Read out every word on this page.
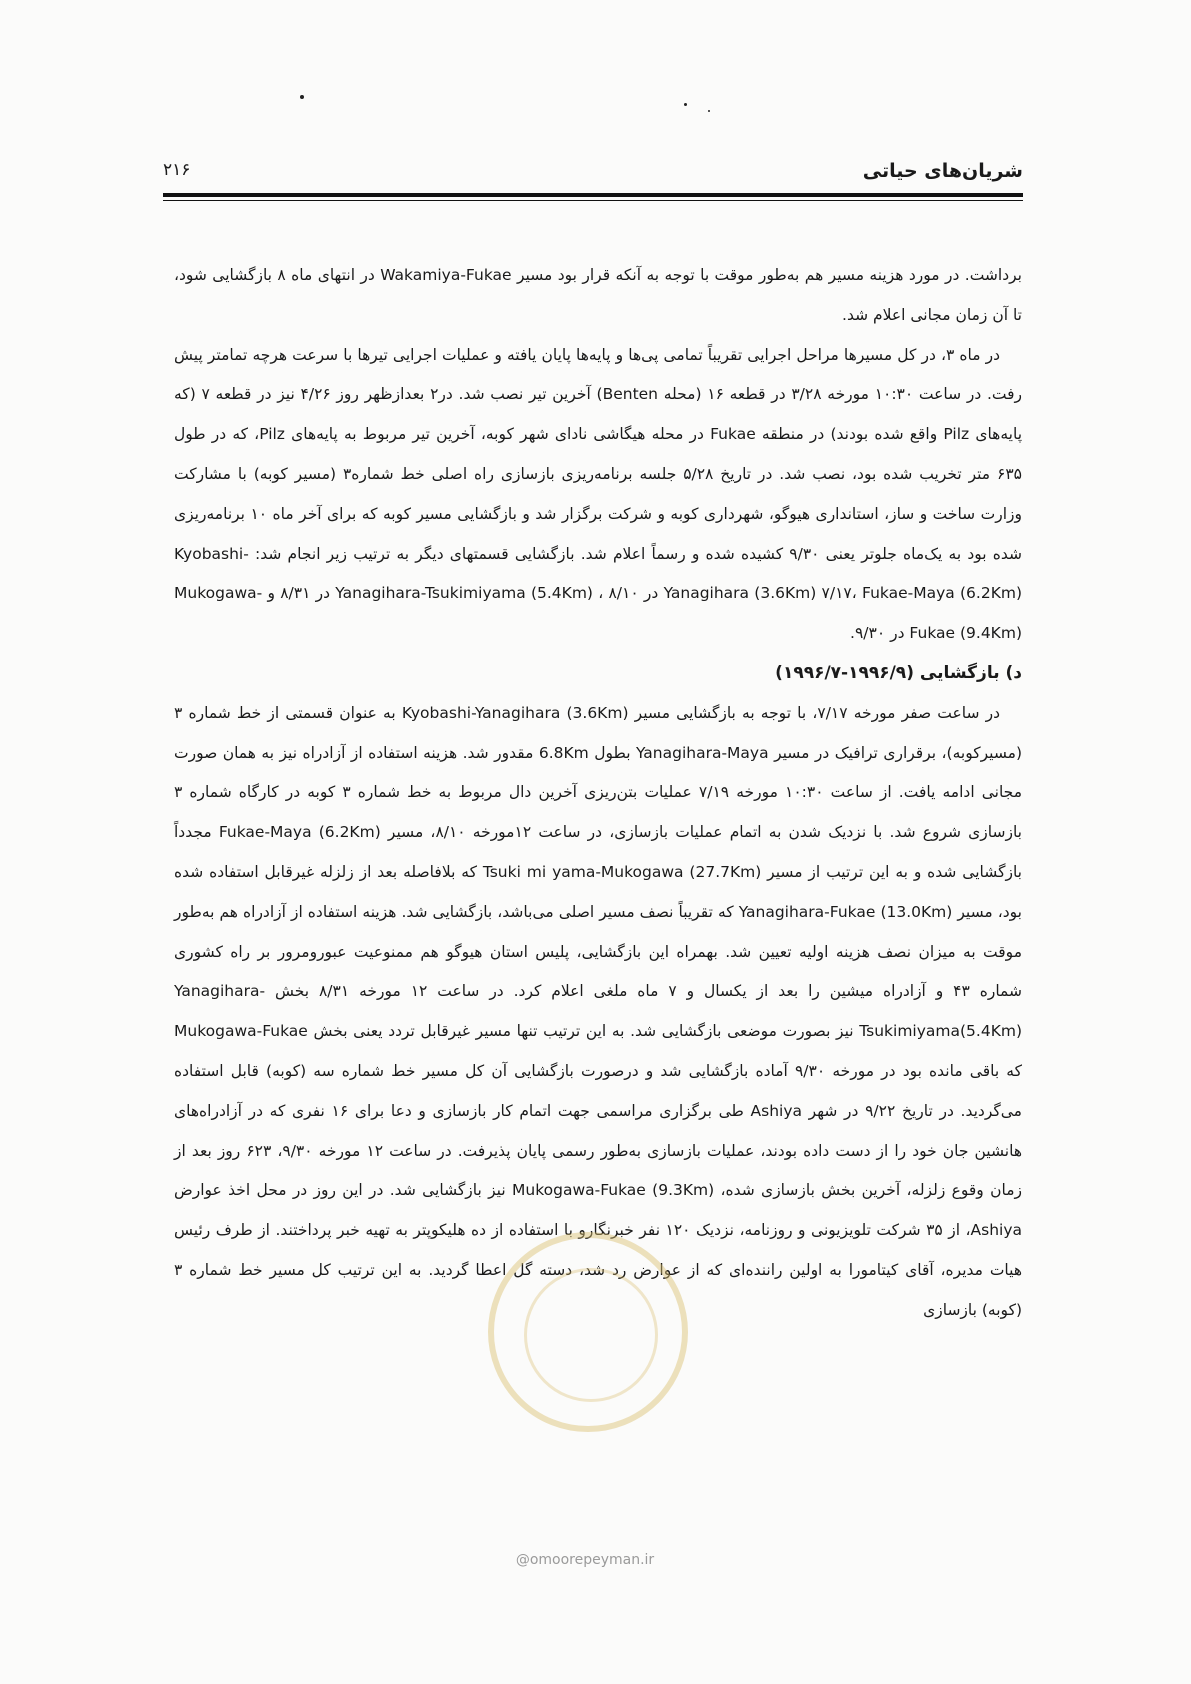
شریان‌های حیاتی
۲۱۶

برداشت. در مورد هزینه مسیر هم به‌طور موقت با توجه به آنکه قرار بود مسیر Wakamiya-Fukae در انتهای ماه ۸ بازگشایی شود، تا آن زمان مجانی اعلام شد.

در ماه ۳، در کل مسیرها مراحل اجرایی تقریباً تمامی پی‌ها و پایه‌ها پایان یافته و عملیات اجرایی تیرها با سرعت هرچه تمامتر پیش رفت. در ساعت ۱۰:۳۰ مورخه ۳/۲۸ در قطعه ۱۶ (محله Benten) آخرین تیر نصب شد. در۲ بعدازظهر روز ۴/۲۶ نیز در قطعه ۷ (که پایه‌های Pilz واقع شده بودند) در منطقه Fukae در محله هیگاشی نادای شهر کوبه، آخرین تیر مربوط به پایه‌های Pilz، که در طول ۶۳۵ متر تخریب شده بود، نصب شد. در تاریخ ۵/۲۸ جلسه برنامه‌ریزی بازسازی راه اصلی خط شماره۳ (مسیر کوبه) با مشارکت وزارت ساخت و ساز، استانداری هیوگو، شهرداری کوبه و شرکت برگزار شد و بازگشایی مسیر کوبه که برای آخر ماه ۱۰ برنامه‌ریزی شده بود به یک‌ماه جلوتر یعنی ۹/۳۰ کشیده شده و رسماً اعلام شد. بازگشایی قسمتهای دیگر به ترتیب زیر انجام شد: Kyobashi-Yanagihara (3.6Km) ۷/۱۷، Fukae-Maya (6.2Km) در ۸/۱۰ ، Yanagihara-Tsukimiyama (5.4Km) در ۸/۳۱ و Mukogawa-Fukae (9.4Km) در ۹/۳۰.

د) بازگشایی (۱۹۹۶/۹-۱۹۹۶/۷)

در ساعت صفر مورخه ۷/۱۷، با توجه به بازگشایی مسیر Kyobashi-Yanagihara (3.6Km) به عنوان قسمتی از خط شماره ۳ (مسیرکوبه)، برقراری ترافیک در مسیر Yanagihara-Maya بطول 6.8Km مقدور شد. هزینه استفاده از آزادراه نیز به همان صورت مجانی ادامه یافت. از ساعت ۱۰:۳۰ مورخه ۷/۱۹ عملیات بتن‌ریزی آخرین دال مربوط به خط شماره ۳ کوبه در کارگاه شماره ۳ بازسازی شروع شد. با نزدیک شدن به اتمام عملیات بازسازی، در ساعت ۱۲مورخه ۸/۱۰، مسیر Fukae-Maya (6.2Km) مجدداً بازگشایی شده و به این ترتیب از مسیر Tsuki mi yama-Mukogawa (27.7Km) که بلافاصله بعد از زلزله غیرقابل استفاده شده بود، مسیر Yanagihara-Fukae (13.0Km) که تقریباً نصف مسیر اصلی می‌باشد، بازگشایی شد. هزینه استفاده از آزادراه هم به‌طور موقت به میزان نصف هزینه اولیه تعیین شد. بهمراه این بازگشایی، پلیس استان هیوگو هم ممنوعیت عبورومرور بر راه کشوری شماره ۴۳ و آزادراه میشین را بعد از یکسال و ۷ ماه ملغی اعلام کرد. در ساعت ۱۲ مورخه ۸/۳۱ بخش Yanagihara-Tsukimiyama(5.4Km) نیز بصورت موضعی بازگشایی شد. به این ترتیب تنها مسیر غیرقابل تردد یعنی بخش Mukogawa-Fukae که باقی مانده بود در مورخه ۹/۳۰ آماده بازگشایی شد و درصورت بازگشایی آن کل مسیر خط شماره سه (کوبه) قابل استفاده می‌گردید. در تاریخ ۹/۲۲ در شهر Ashiya طی برگزاری مراسمی جهت اتمام کار بازسازی و دعا برای ۱۶ نفری که در آزادراه‌های هانشین جان خود را از دست داده بودند، عملیات بازسازی به‌طور رسمی پایان پذیرفت. در ساعت ۱۲ مورخه ۹/۳۰، ۶۲۳ روز بعد از زمان وقوع زلزله، آخرین بخش بازسازی شده، Mukogawa-Fukae (9.3Km) نیز بازگشایی شد. در این روز در محل اخذ عوارض Ashiya، از ۳۵ شرکت تلویزیونی و روزنامه، نزدیک ۱۲۰ نفر خبرنگارو با استفاده از ده هلیکوپتر به تهیه خبر پرداختند. از طرف رئیس هیات مدیره، آقای کیتامورا به اولین راننده‌ای که از عوارض رد شد، دسته گل اعطا گردید. به این ترتیب کل مسیر خط شماره ۳ (کوبه) بازسازی

@omoorepeyman.ir
